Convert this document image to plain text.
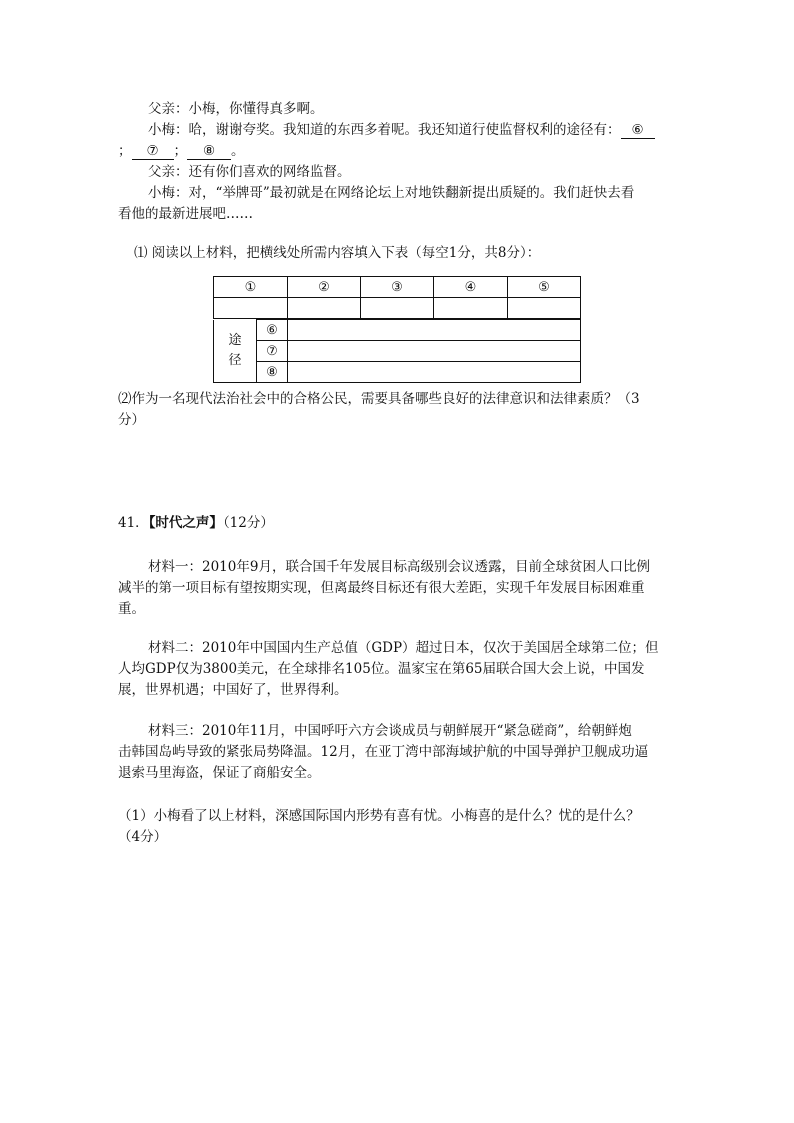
父亲：小梅，你懂得真多啊。
小梅：哈，谢谢夸奖。我知道的东西多着呢。我还知道行使监督权利的途径有： ⑥
； ⑦ ； ⑧ 。
父亲：还有你们喜欢的网络监督。
小梅：对，“举牌哥”最初就是在网络论坛上对地铁翻新提出质疑的。我们赶快去看
看他的最新进展吧……
⑴ 阅读以上材料，把横线处所需内容填入下表（每空1分，共8分）：
①	②	③	④	⑤

途
径	⑥	
	⑦	
	⑧	
⑵作为一名现代法治社会中的合格公民，需要具备哪些良好的法律意识和法律素质？（3
分）
41．【时代之声】（12分）
材料一：2010年9月，联合国千年发展目标高级别会议透露，目前全球贫困人口比例
减半的第一项目标有望按期实现，但离最终目标还有很大差距，实现千年发展目标困难重
重。
材料二：2010年中国国内生产总值（GDP）超过日本，仅次于美国居全球第二位；但
人均GDP仅为3800美元，在全球排名105位。温家宝在第65届联合国大会上说，中国发
展，世界机遇；中国好了，世界得利。
材料三：2010年11月，中国呼吁六方会谈成员与朝鲜展开“紧急磋商”，给朝鲜炮
击韩国岛屿导致的紧张局势降温。12月，在亚丁湾中部海域护航的中国导弹护卫舰成功逼
退索马里海盗，保证了商船安全。
（1）小梅看了以上材料，深感国际国内形势有喜有忧。小梅喜的是什么？忧的是什么？
（4分）
